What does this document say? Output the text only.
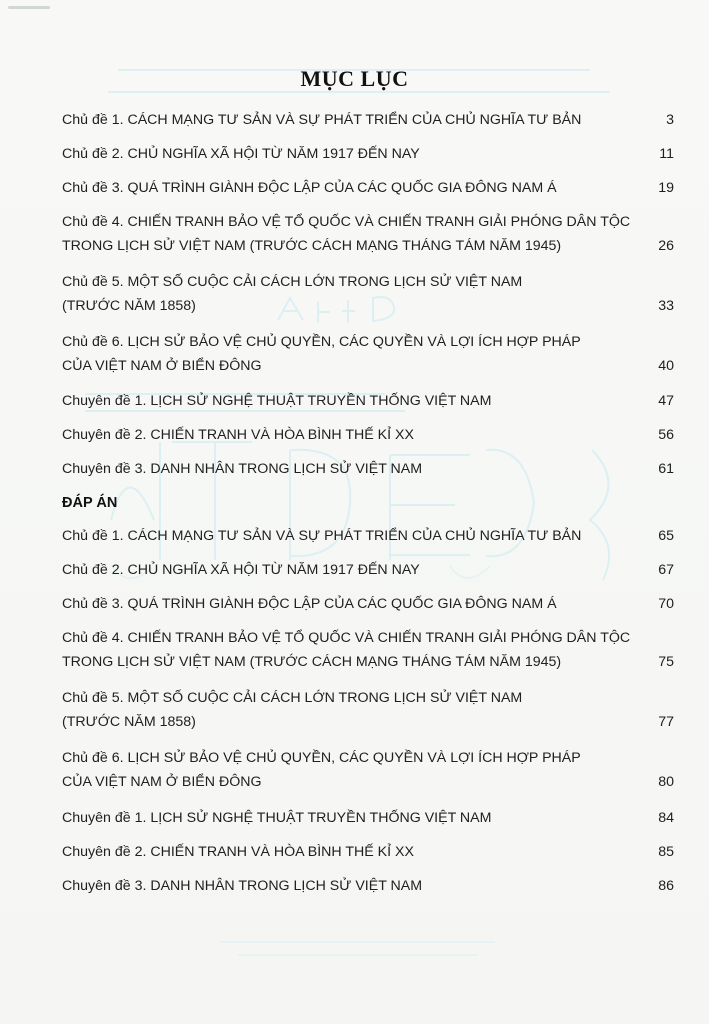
MỤC LỤC
Chủ đề 1. CÁCH MẠNG TƯ SẢN VÀ SỰ PHÁT TRIỂN CỦA CHỦ NGHĨA TƯ BẢN	3
Chủ đề 2. CHỦ NGHĨA XÃ HỘI TỪ NĂM 1917 ĐẾN NAY	11
Chủ đề 3. QUÁ TRÌNH GIÀNH ĐỘC LẬP CỦA CÁC QUỐC GIA ĐÔNG NAM Á	19
Chủ đề 4. CHIẾN TRANH BẢO VỆ TỔ QUỐC VÀ CHIẾN TRANH GIẢI PHÓNG DÂN TỘC
TRONG LỊCH SỬ VIỆT NAM (TRƯỚC CÁCH MẠNG THÁNG TÁM NĂM 1945)	26
Chủ đề 5. MỘT SỐ CUỘC CẢI CÁCH LỚN TRONG LỊCH SỬ VIỆT NAM
(TRƯỚC NĂM 1858)	33
Chủ đề 6. LỊCH SỬ BẢO VỆ CHỦ QUYỀN, CÁC QUYỀN VÀ LỢI ÍCH HỢP PHÁP
CỦA VIỆT NAM Ở BIỂN ĐÔNG	40
Chuyên đề 1. LỊCH SỬ NGHỆ THUẬT TRUYỀN THỐNG VIỆT NAM	47
Chuyên đề 2. CHIẾN TRANH VÀ HÒA BÌNH THẾ KỈ XX	56
Chuyên đề 3. DANH NHÂN TRONG LỊCH SỬ VIỆT NAM	61
ĐÁP ÁN
Chủ đề 1. CÁCH MẠNG TƯ SẢN VÀ SỰ PHÁT TRIỂN CỦA CHỦ NGHĨA TƯ BẢN	65
Chủ đề 2. CHỦ NGHĨA XÃ HỘI TỪ NĂM 1917 ĐẾN NAY	67
Chủ đề 3. QUÁ TRÌNH GIÀNH ĐỘC LẬP CỦA CÁC QUỐC GIA ĐÔNG NAM Á	70
Chủ đề 4. CHIẾN TRANH BẢO VỆ TỔ QUỐC VÀ CHIẾN TRANH GIẢI PHÓNG DÂN TỘC
TRONG LỊCH SỬ VIỆT NAM (TRƯỚC CÁCH MẠNG THÁNG TÁM NĂM 1945)	75
Chủ đề 5. MỘT SỐ CUỘC CẢI CÁCH LỚN TRONG LỊCH SỬ VIỆT NAM
(TRƯỚC NĂM 1858)	77
Chủ đề 6. LỊCH SỬ BẢO VỆ CHỦ QUYỀN, CÁC QUYỀN VÀ LỢI ÍCH HỢP PHÁP
CỦA VIỆT NAM Ở BIỂN ĐÔNG	80
Chuyên đề 1. LỊCH SỬ NGHỆ THUẬT TRUYỀN THỐNG VIỆT NAM	84
Chuyên đề 2. CHIẾN TRANH VÀ HÒA BÌNH THẾ KỈ XX	85
Chuyên đề 3. DANH NHÂN TRONG LỊCH SỬ VIỆT NAM	86
